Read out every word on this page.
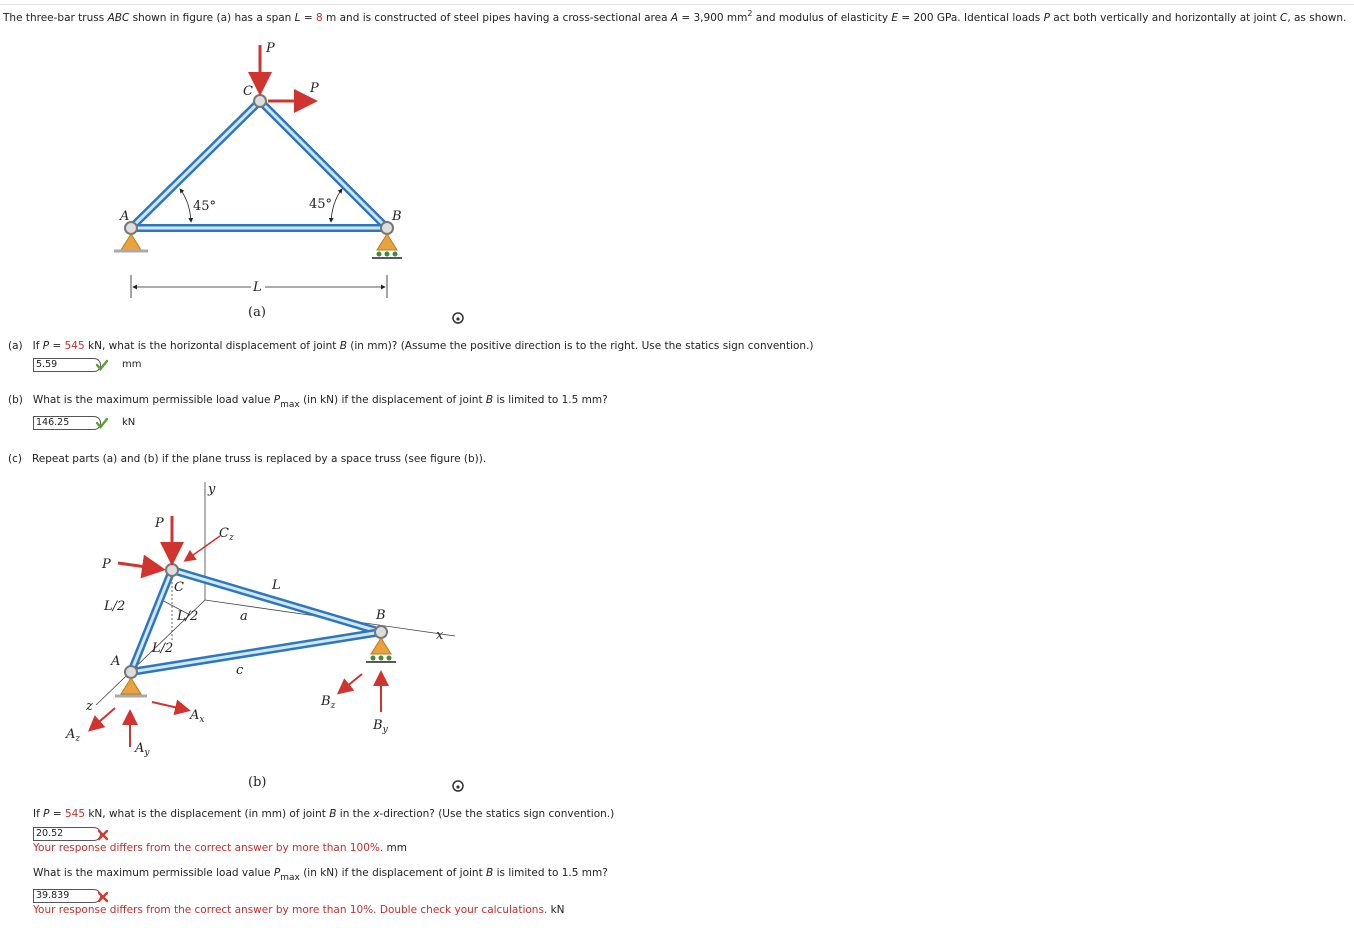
The three-bar truss ABC shown in figure (a) has a span L = 8 m and is constructed of steel pipes having a cross-sectional area A = 3,900 $mm^2$ and modulus of elasticity E = 200 GPa. Identical loads P act both vertically and horizontally at joint C, as shown.
P
P
C
A	B
45°	45°
L
(a)
(a) If P = 545 kN, what is the horizontal displacement of joint B (in mm)? (Assume the positive direction is to the right. Use the statics sign convention.)
5.59	mm
(b) What is the maximum permissible load value Pmax (in kN) if the displacement of joint B is limited to 1.5 mm?
146.25	kN
(c) Repeat parts (a) and (b) if the plane truss is replaced by a space truss (see figure (b)).
y
P
P
$C_z$
C	L
L/2
L/2
L/2
a
c
A
B
x
z
$A_z$
$A_x$
$A_y$
$B_z$
$B_y$
(b)
If P = 545 kN, what is the displacement (in mm) of joint B in the x-direction? (Use the statics sign convention.)
20.52
Your response differs from the correct answer by more than 100%. mm
What is the maximum permissible load value Pmax (in kN) if the displacement of joint B is limited to 1.5 mm?
39.839
Your response differs from the correct answer by more than 10%. Double check your calculations. kN
